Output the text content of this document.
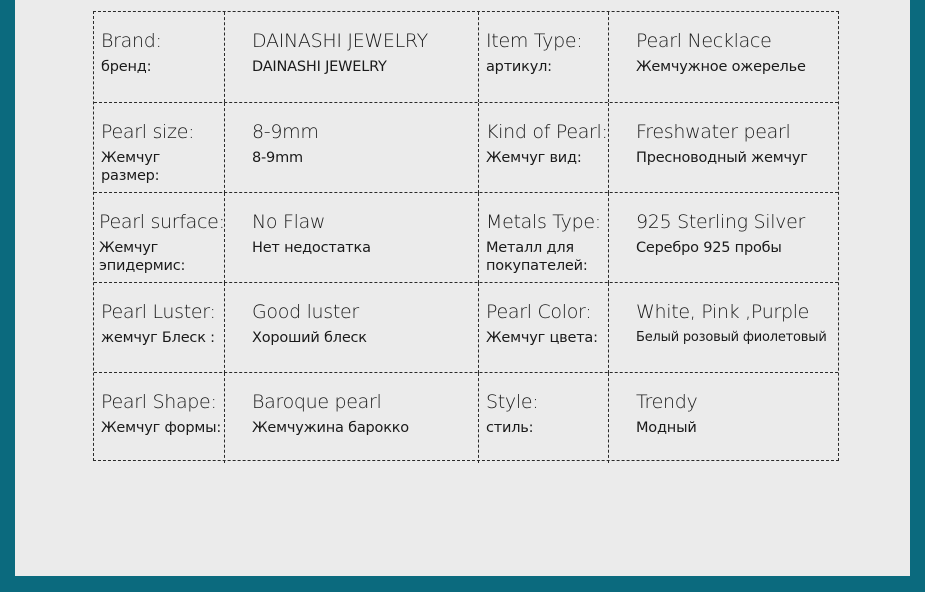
Brand:
бренд:
DAINASHI JEWELRY
DAINASHI JEWELRY
Item Type:
артикул:
Pearl Necklace
Жемчужное ожерелье
Pearl size:
Жемчуг размер:
8-9mm
8-9mm
Kind of Pearl:
Жемчуг вид:
Freshwater pearl
Пресноводный жемчуг
Pearl surface:
Жемчуг эпидермис:
No Flaw
Нет недостатка
Metals Type:
Металл для покупателей:
925 Sterling Silver
Серебро 925 пробы
Pearl Luster:
жемчуг Блеск :
Good luster
Хороший блеск
Pearl Color:
Жемчуг цвета:
White, Pink ,Purple
Белый розовый фиолетовый
Pearl Shape:
Жемчуг формы:
Baroque pearl
Жемчужина барокко
Style:
стиль:
Trendy
Модный
